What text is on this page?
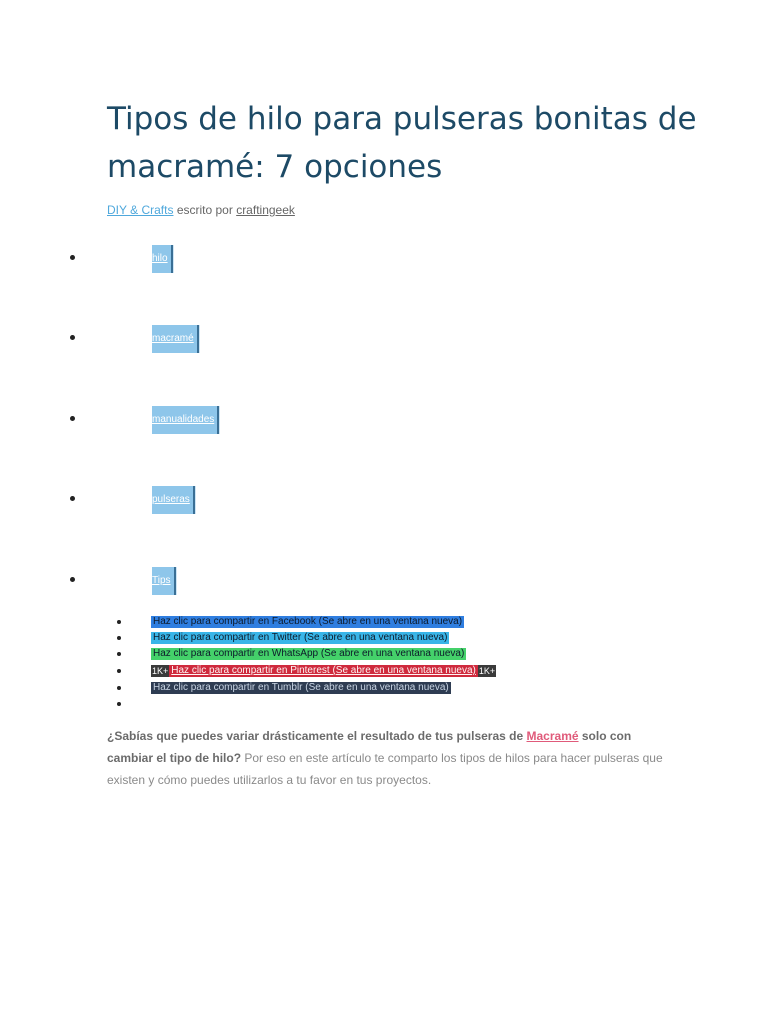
Tipos de hilo para pulseras bonitas de macramé: 7 opciones
DIY & Crafts escrito por craftingeek
hilo
macramé
manualidades
pulseras
Tips
Haz clic para compartir en Facebook (Se abre en una ventana nueva)
Haz clic para compartir en Twitter (Se abre en una ventana nueva)
Haz clic para compartir en WhatsApp (Se abre en una ventana nueva)
1K+ Haz clic para compartir en Pinterest (Se abre en una ventana nueva) 1K+
Haz clic para compartir en Tumblr (Se abre en una ventana nueva)

¿Sabías que puedes variar drásticamente el resultado de tus pulseras de Macramé solo con cambiar el tipo de hilo? Por eso en este artículo te comparto los tipos de hilos para hacer pulseras que existen y cómo puedes utilizarlos a tu favor en tus proyectos.
